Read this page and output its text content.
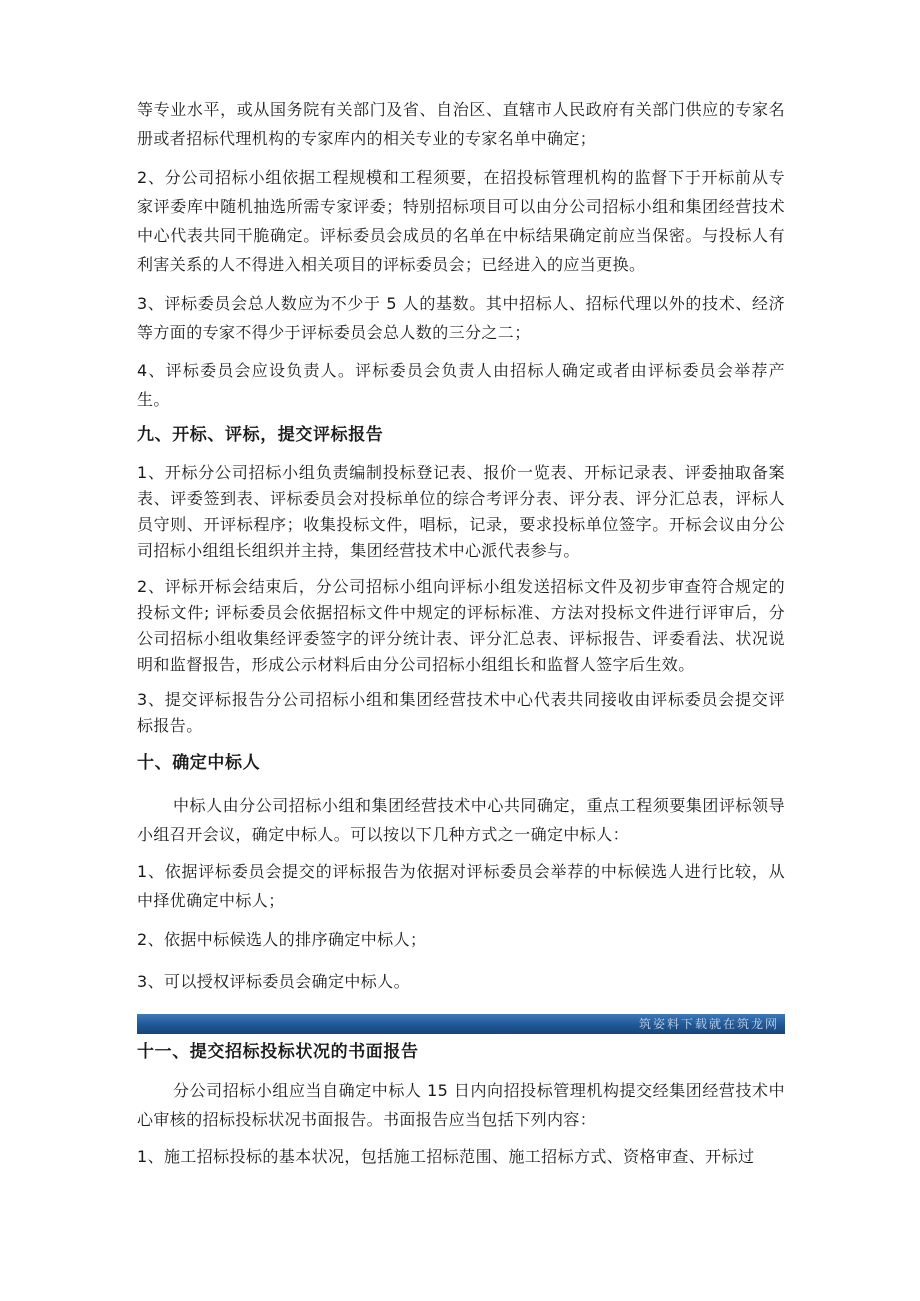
等专业水平，或从国务院有关部门及省、自治区、直辖市人民政府有关部门供应的专家名册或者招标代理机构的专家库内的相关专业的专家名单中确定；

2、分公司招标小组依据工程规模和工程须要，在招投标管理机构的监督下于开标前从专家评委库中随机抽选所需专家评委；特别招标项目可以由分公司招标小组和集团经营技术中心代表共同干脆确定。评标委员会成员的名单在中标结果确定前应当保密。与投标人有利害关系的人不得进入相关项目的评标委员会；已经进入的应当更换。

3、评标委员会总人数应为不少于 5 人的基数。其中招标人、招标代理以外的技术、经济等方面的专家不得少于评标委员会总人数的三分之二；

4、评标委员会应设负责人。评标委员会负责人由招标人确定或者由评标委员会举荐产生。

九、开标、评标，提交评标报告

1、开标分公司招标小组负责编制投标登记表、报价一览表、开标记录表、评委抽取备案表、评委签到表、评标委员会对投标单位的综合考评分表、评分表、评分汇总表，评标人员守则、开评标程序；收集投标文件，唱标，记录，要求投标单位签字。开标会议由分公司招标小组组长组织并主持，集团经营技术中心派代表参与。

2、评标开标会结束后，分公司招标小组向评标小组发送招标文件及初步审查符合规定的投标文件; 评标委员会依据招标文件中规定的评标标准、方法对投标文件进行评审后，分公司招标小组收集经评委签字的评分统计表、评分汇总表、评标报告、评委看法、状况说明和监督报告，形成公示材料后由分公司招标小组组长和监督人签字后生效。

3、提交评标报告分公司招标小组和集团经营技术中心代表共同接收由评标委员会提交评标报告。

十、确定中标人

中标人由分公司招标小组和集团经营技术中心共同确定，重点工程须要集团评标领导小组召开会议，确定中标人。可以按以下几种方式之一确定中标人：

1、依据评标委员会提交的评标报告为依据对评标委员会举荐的中标候选人进行比较，从中择优确定中标人；

2、依据中标候选人的排序确定中标人；

3、可以授权评标委员会确定中标人。

筑姿料下载就在筑龙网
十一、提交招标投标状况的书面报告

分公司招标小组应当自确定中标人 15 日内向招投标管理机构提交经集团经营技术中心审核的招标投标状况书面报告。书面报告应当包括下列内容：

1、施工招标投标的基本状况，包括施工招标范围、施工招标方式、资格审查、开标过
